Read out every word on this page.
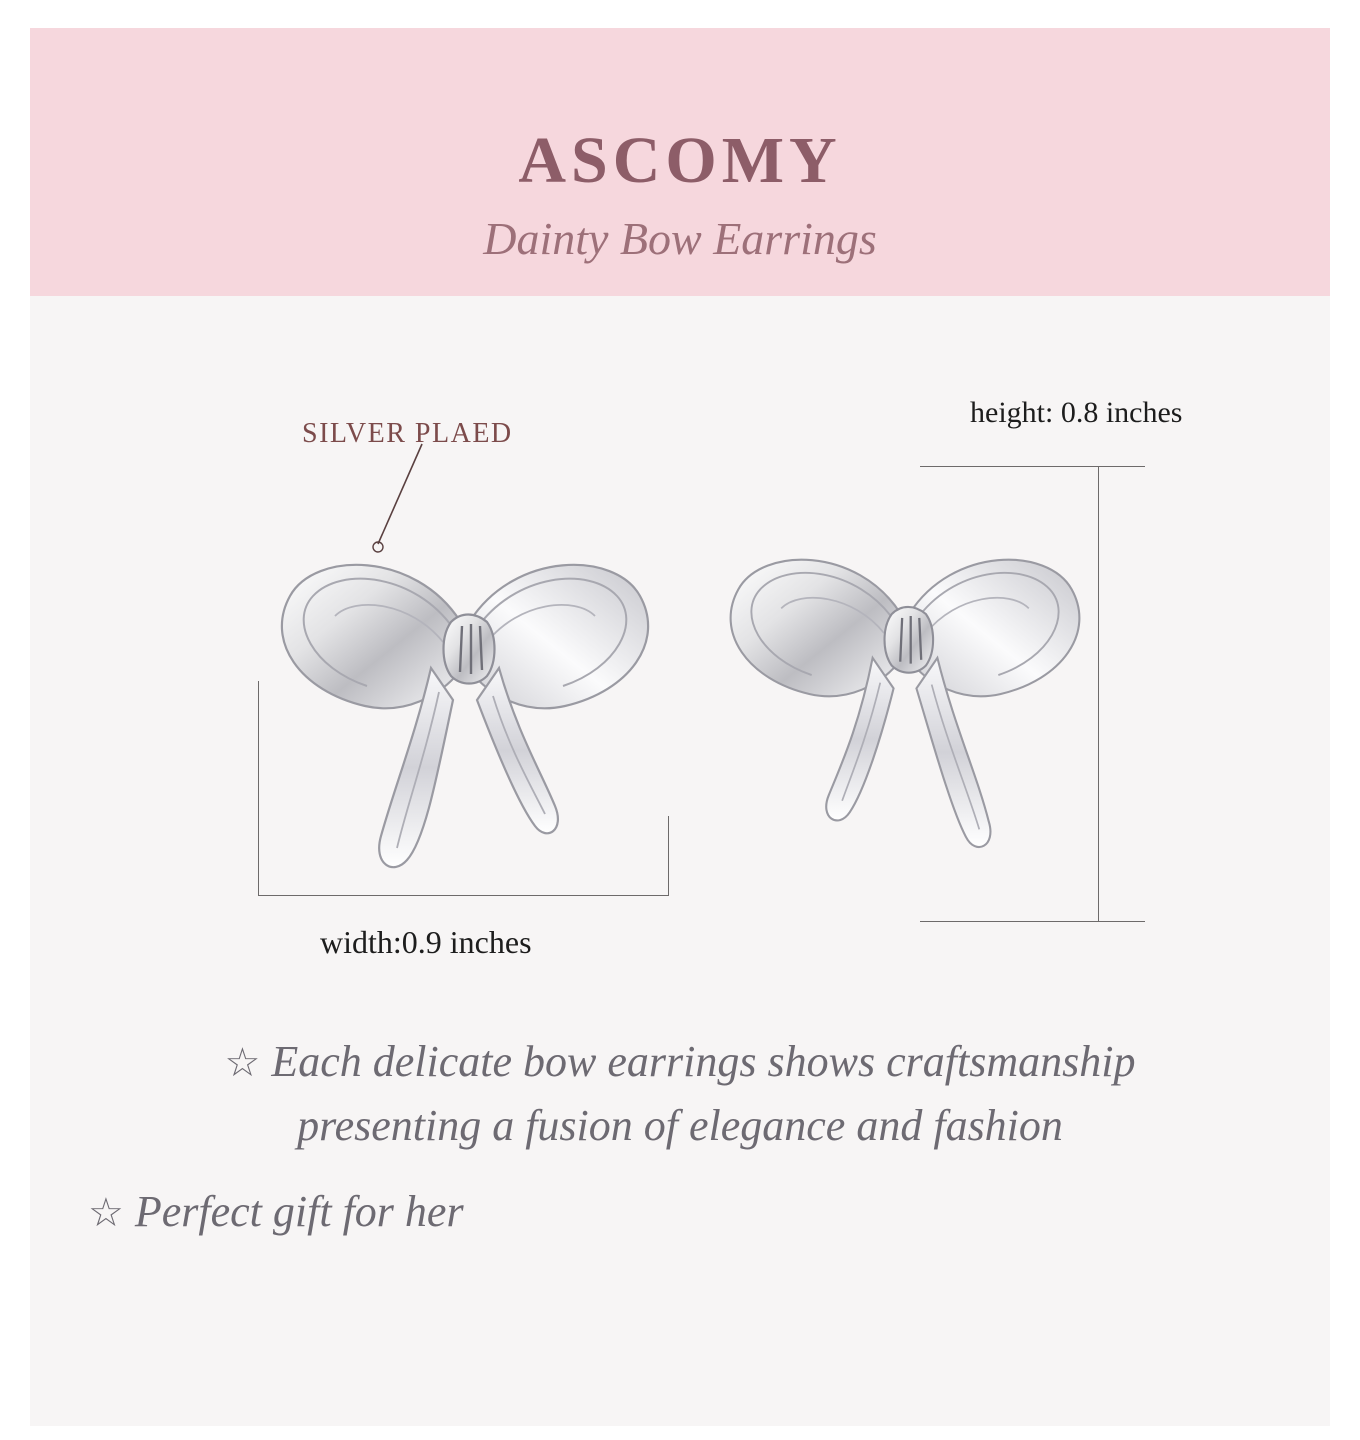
ASCOMY

Dainty Bow Earrings

SILVER PLAED
height: 0.8 inches
width:0.9 inches
☆ Each delicate bow earrings shows craftsmanship
presenting a fusion of elegance and fashion
☆ Perfect gift for her
